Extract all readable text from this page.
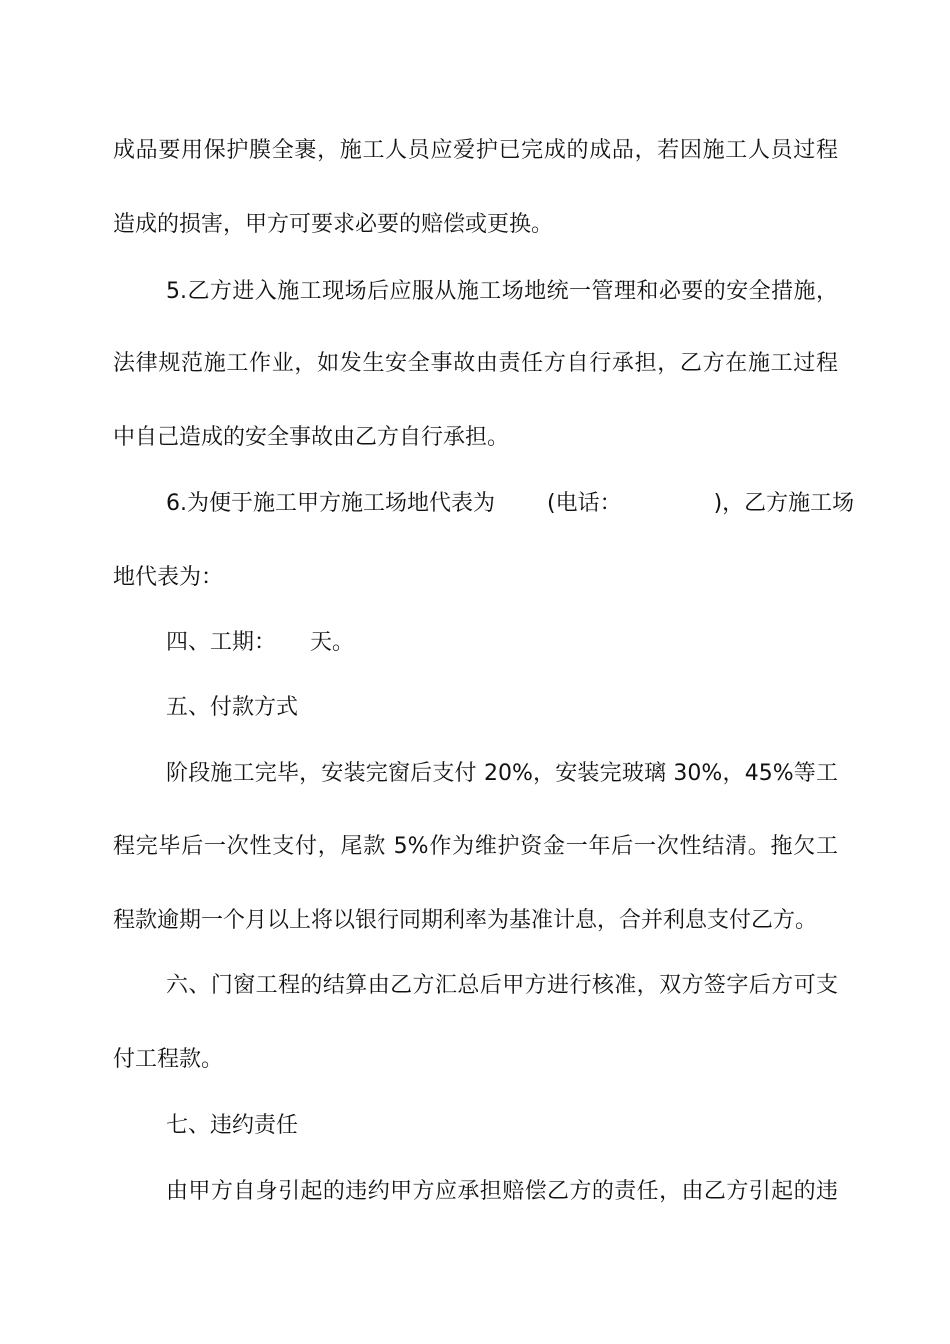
成品要用保护膜全裹，施工人员应爱护已完成的成品，若因施工人员过程
造成的损害，甲方可要求必要的赔偿或更换。
5.乙方进入施工现场后应服从施工场地统一管理和必要的安全措施，
法律规范施工作业，如发生安全事故由责任方自行承担，乙方在施工过程
中自己造成的安全事故由乙方自行承担。
6.为便于施工甲方施工场地代表为 (电话：	)，乙方施工场
地代表为：
四、工期： 天。
五、付款方式
阶段施工完毕，安装完窗后支付 20%，安装完玻璃 30%，45%等工
程完毕后一次性支付，尾款 5%作为维护资金一年后一次性结清。拖欠工
程款逾期一个月以上将以银行同期利率为基准计息，合并利息支付乙方。
六、门窗工程的结算由乙方汇总后甲方进行核准，双方签字后方可支
付工程款。
七、违约责任
由甲方自身引起的违约甲方应承担赔偿乙方的责任，由乙方引起的违
